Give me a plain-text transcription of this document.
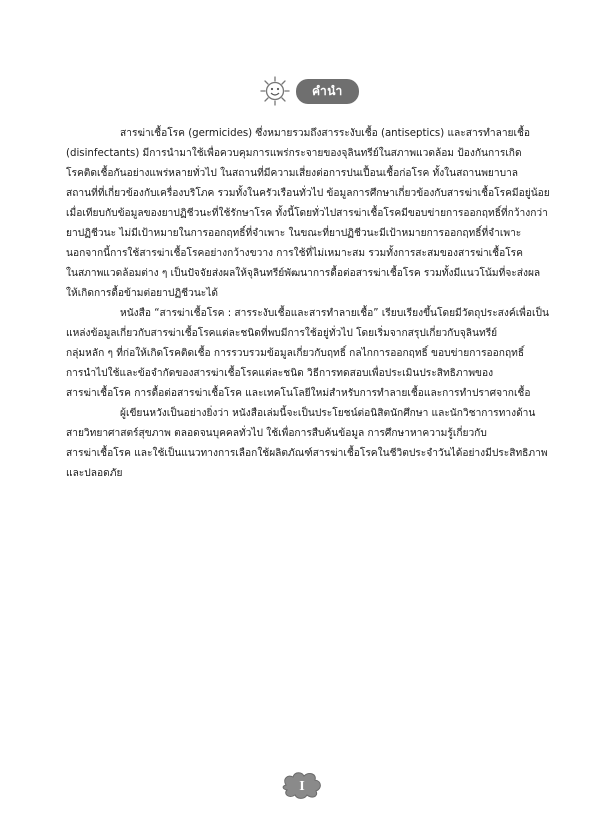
คำนำ

สารฆ่าเชื้อโรค (germicides) ซึ่งหมายรวมถึงสารระงับเชื้อ (antiseptics) และสารทำลายเชื้อ
(disinfectants) มีการนำมาใช้เพื่อควบคุมการแพร่กระจายของจุลินทรีย์ในสภาพแวดล้อม ป้องกันการเกิด
โรคติดเชื้อกันอย่างแพร่หลายทั่วไป ในสถานที่มีความเสี่ยงต่อการปนเปื้อนเชื้อก่อโรค ทั้งในสถานพยาบาล
สถานที่ที่เกี่ยวข้องกับเครื่องบริโภค รวมทั้งในครัวเรือนทั่วไป ข้อมูลการศึกษาเกี่ยวข้องกับสารฆ่าเชื้อโรคมีอยู่น้อย
เมื่อเทียบกับข้อมูลของยาปฏิชีวนะที่ใช้รักษาโรค ทั้งนี้โดยทั่วไปสารฆ่าเชื้อโรคมีขอบข่ายการออกฤทธิ์ที่กว้างกว่า
ยาปฏิชีวนะ ไม่มีเป้าหมายในการออกฤทธิ์ที่จำเพาะ ในขณะที่ยาปฏิชีวนะมีเป้าหมายการออกฤทธิ์ที่จำเพาะ
นอกจากนี้การใช้สารฆ่าเชื้อโรคอย่างกว้างขวาง การใช้ที่ไม่เหมาะสม รวมทั้งการสะสมของสารฆ่าเชื้อโรค
ในสภาพแวดล้อมต่าง ๆ เป็นปัจจัยส่งผลให้จุลินทรีย์พัฒนาการดื้อต่อสารฆ่าเชื้อโรค รวมทั้งมีแนวโน้มที่จะส่งผล
ให้เกิดการดื้อข้ามต่อยาปฏิชีวนะได้

หนังสือ “สารฆ่าเชื้อโรค : สารระงับเชื้อและสารทำลายเชื้อ” เรียบเรียงขึ้นโดยมีวัตถุประสงค์เพื่อเป็น
แหล่งข้อมูลเกี่ยวกับสารฆ่าเชื้อโรคแต่ละชนิดที่พบมีการใช้อยู่ทั่วไป โดยเริ่มจากสรุปเกี่ยวกับจุลินทรีย์
กลุ่มหลัก ๆ ที่ก่อให้เกิดโรคติดเชื้อ การรวบรวมข้อมูลเกี่ยวกับฤทธิ์ กลไกการออกฤทธิ์ ขอบข่ายการออกฤทธิ์
การนำไปใช้และข้อจำกัดของสารฆ่าเชื้อโรคแต่ละชนิด วิธีการทดสอบเพื่อประเมินประสิทธิภาพของ
สารฆ่าเชื้อโรค การดื้อต่อสารฆ่าเชื้อโรค และเทคโนโลยีใหม่สำหรับการทำลายเชื้อและการทำปราศจากเชื้อ

ผู้เขียนหวังเป็นอย่างยิ่งว่า หนังสือเล่มนี้จะเป็นประโยชน์ต่อนิสิตนักศึกษา และนักวิชาการทางด้าน
สายวิทยาศาสตร์สุขภาพ ตลอดจนบุคคลทั่วไป ใช้เพื่อการสืบค้นข้อมูล การศึกษาหาความรู้เกี่ยวกับ
สารฆ่าเชื้อโรค และใช้เป็นแนวทางการเลือกใช้ผลิตภัณฑ์สารฆ่าเชื้อโรคในชีวิตประจำวันได้อย่างมีประสิทธิภาพ
และปลอดภัย

I
